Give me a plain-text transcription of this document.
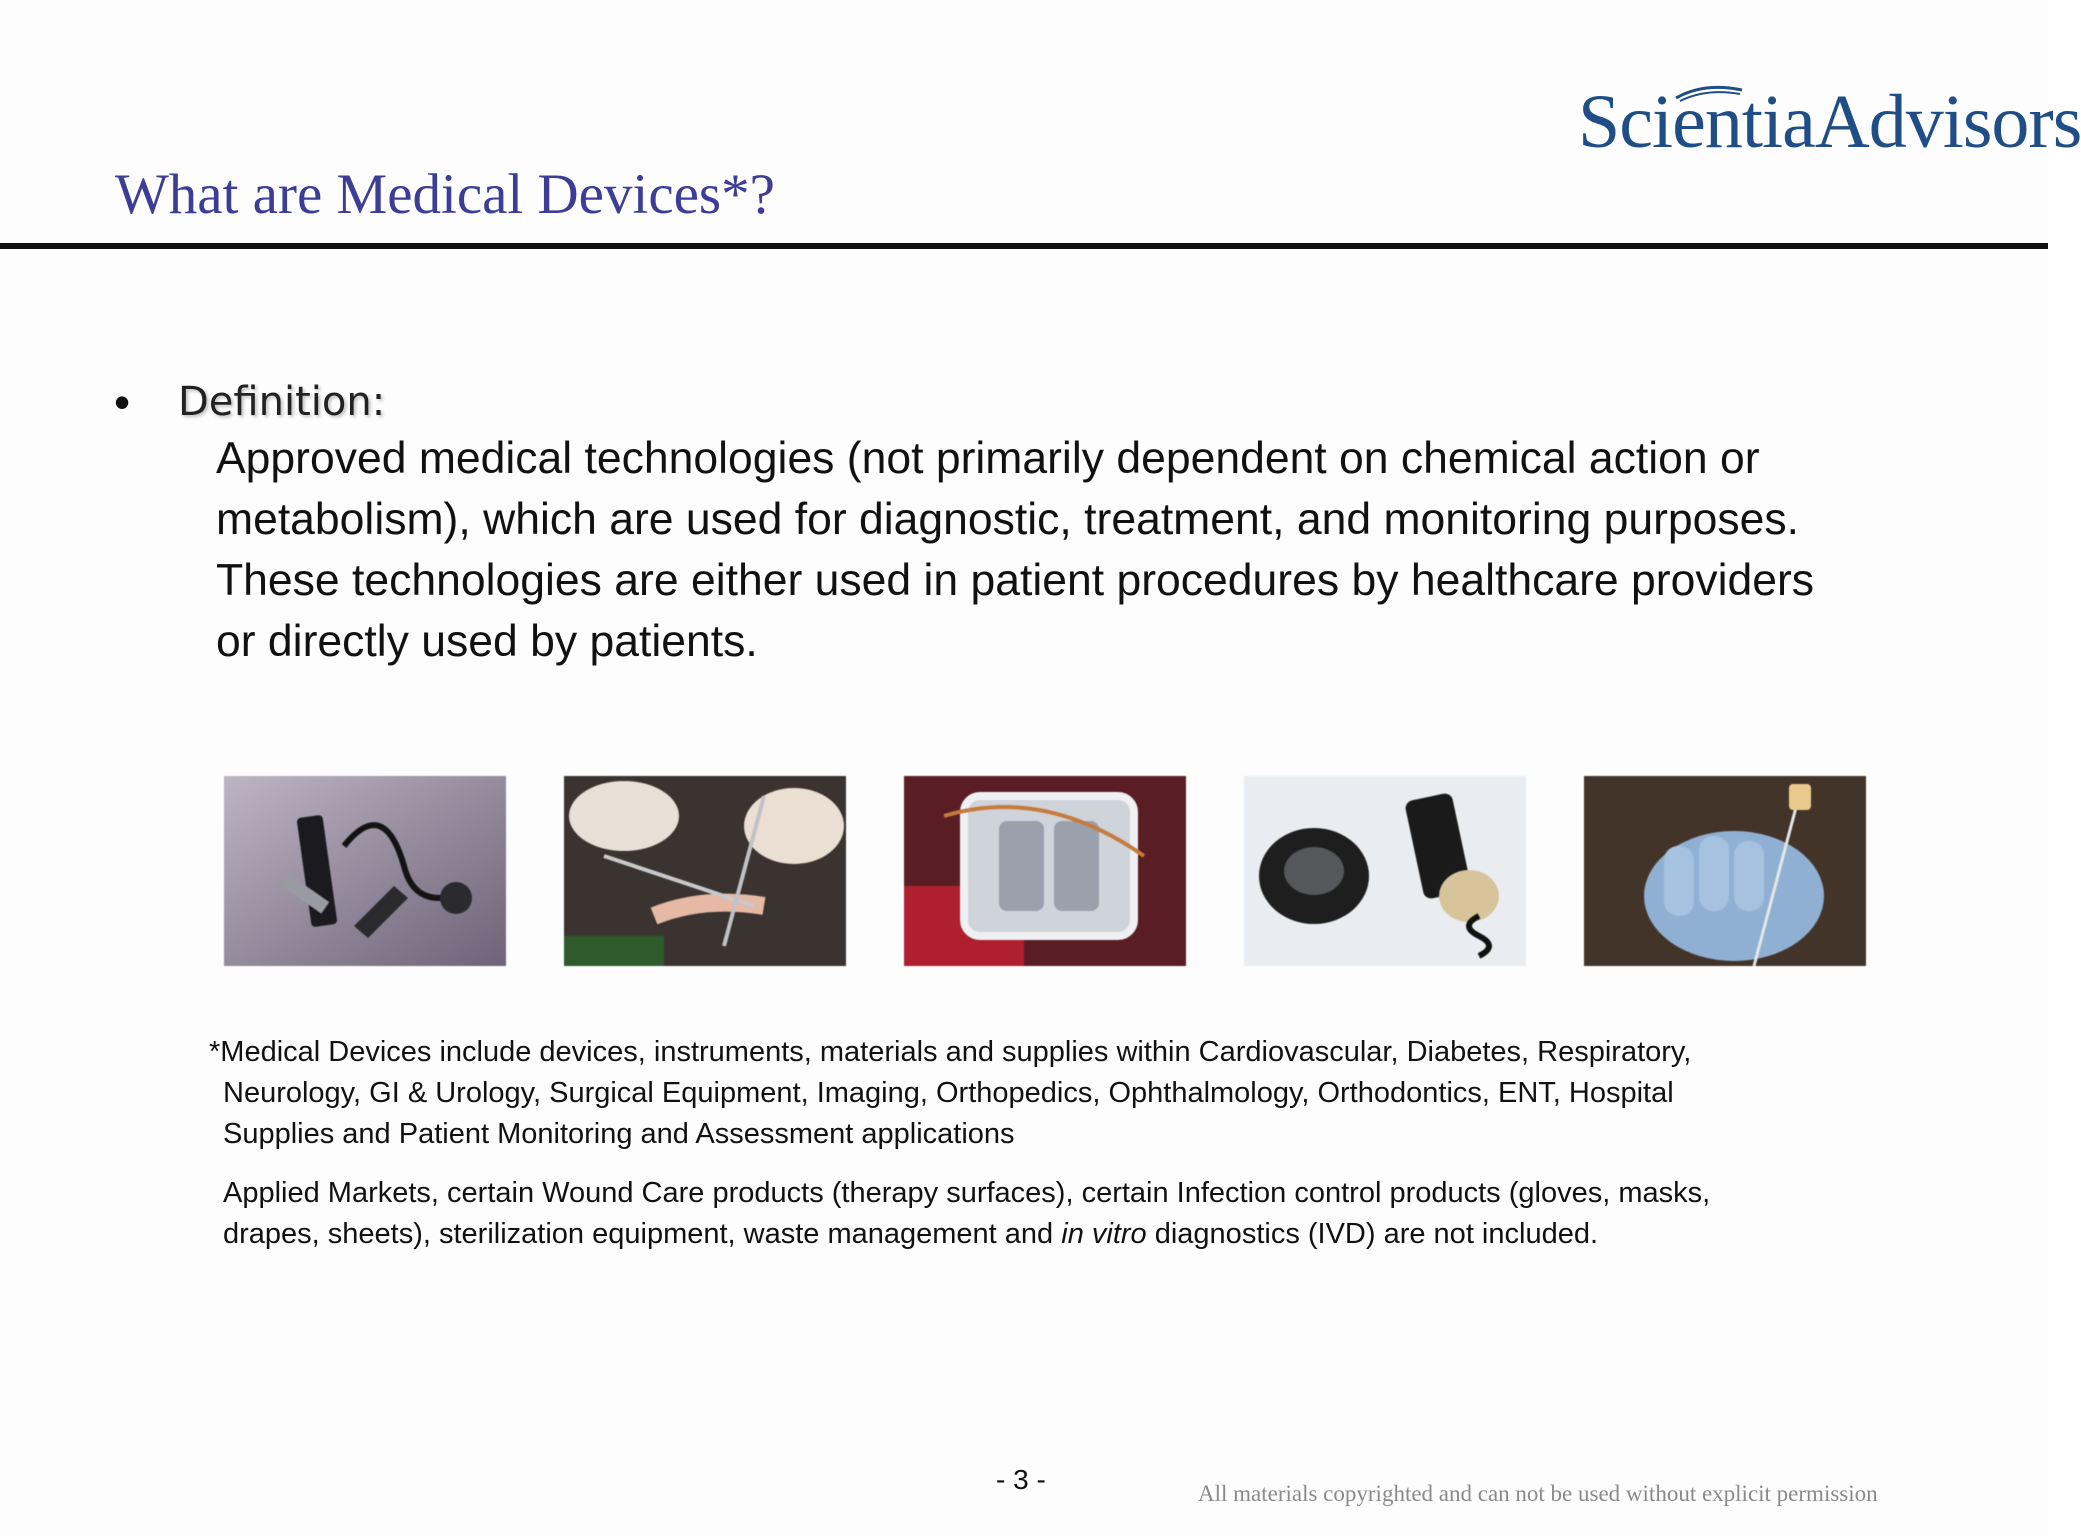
ScientiaAdvisors
What are Medical Devices*?
• Definition:
Approved medical technologies (not primarily dependent on chemical action or
metabolism), which are used for diagnostic, treatment, and monitoring purposes.
These technologies are either used in patient procedures by healthcare providers
or directly used by patients.
*Medical Devices include devices, instruments, materials and supplies within Cardiovascular, Diabetes, Respiratory,
Neurology, GI & Urology, Surgical Equipment, Imaging, Orthopedics, Ophthalmology, Orthodontics, ENT, Hospital
Supplies and Patient Monitoring and Assessment applications
Applied Markets, certain Wound Care products (therapy surfaces), certain Infection control products (gloves, masks,
drapes, sheets), sterilization equipment, waste management and in vitro diagnostics (IVD) are not included.
- 3 -	All materials copyrighted and can not be used without explicit permission
